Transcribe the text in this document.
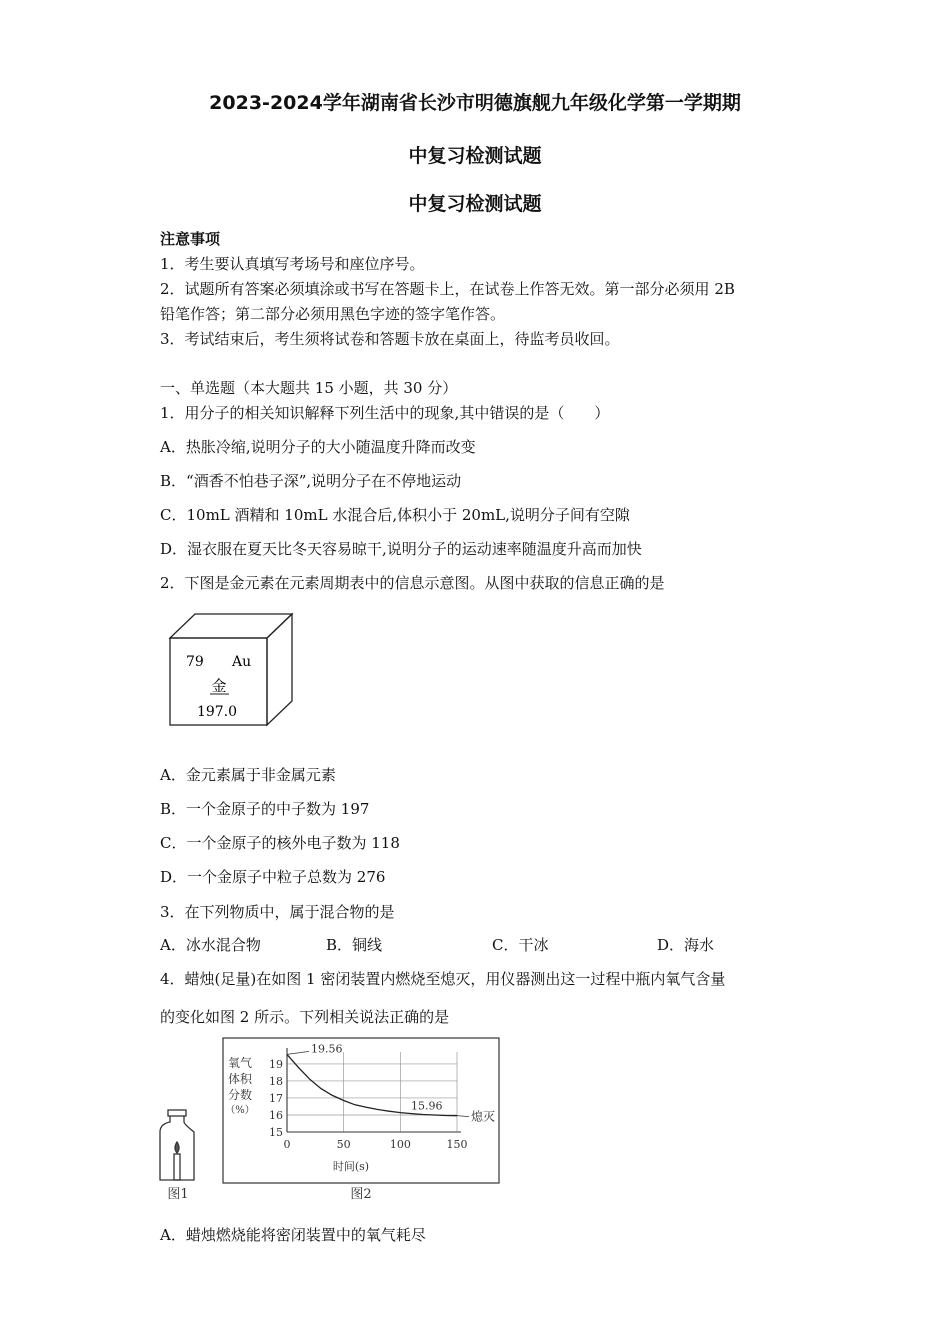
2023-2024学年湖南省长沙市明德旗舰九年级化学第一学期期
中复习检测试题
中复习检测试题
注意事项
1．考生要认真填写考场号和座位序号。
2．试题所有答案必须填涂或书写在答题卡上，在试卷上作答无效。第一部分必须用 2B
铅笔作答；第二部分必须用黑色字迹的签字笔作答。
3．考试结束后，考生须将试卷和答题卡放在桌面上，待监考员收回。
一、单选题（本大题共 15 小题，共 30 分）
1．用分子的相关知识解释下列生活中的现象,其中错误的是（　　）
A．热胀冷缩,说明分子的大小随温度升降而改变
B．“酒香不怕巷子深”,说明分子在不停地运动
C．10mL 酒精和 10mL 水混合后,体积小于 20mL,说明分子间有空隙
D．湿衣服在夏天比冬天容易晾干,说明分子的运动速率随温度升高而加快
2．下图是金元素在元素周期表中的信息示意图。从图中获取的信息正确的是
79 Au
金
197.0
A．金元素属于非金属元素
B．一个金原子的中子数为 197
C．一个金原子的核外电子数为 118
D．一个金原子中粒子总数为 276
3．在下列物质中，属于混合物的是
A．冰水混合物	B．铜线	C．干冰	D．海水
4．蜡烛(足量)在如图 1 密闭装置内燃烧至熄灭，用仪器测出这一过程中瓶内氧气含量
的变化如图 2 所示。下列相关说法正确的是
图1
氧气
体积
分数
（%）
时间(s)
图2
15
16
17
18
19
0	50	100	150
19.56
15.96
熄灭
A．蜡烛燃烧能将密闭装置中的氧气耗尽
